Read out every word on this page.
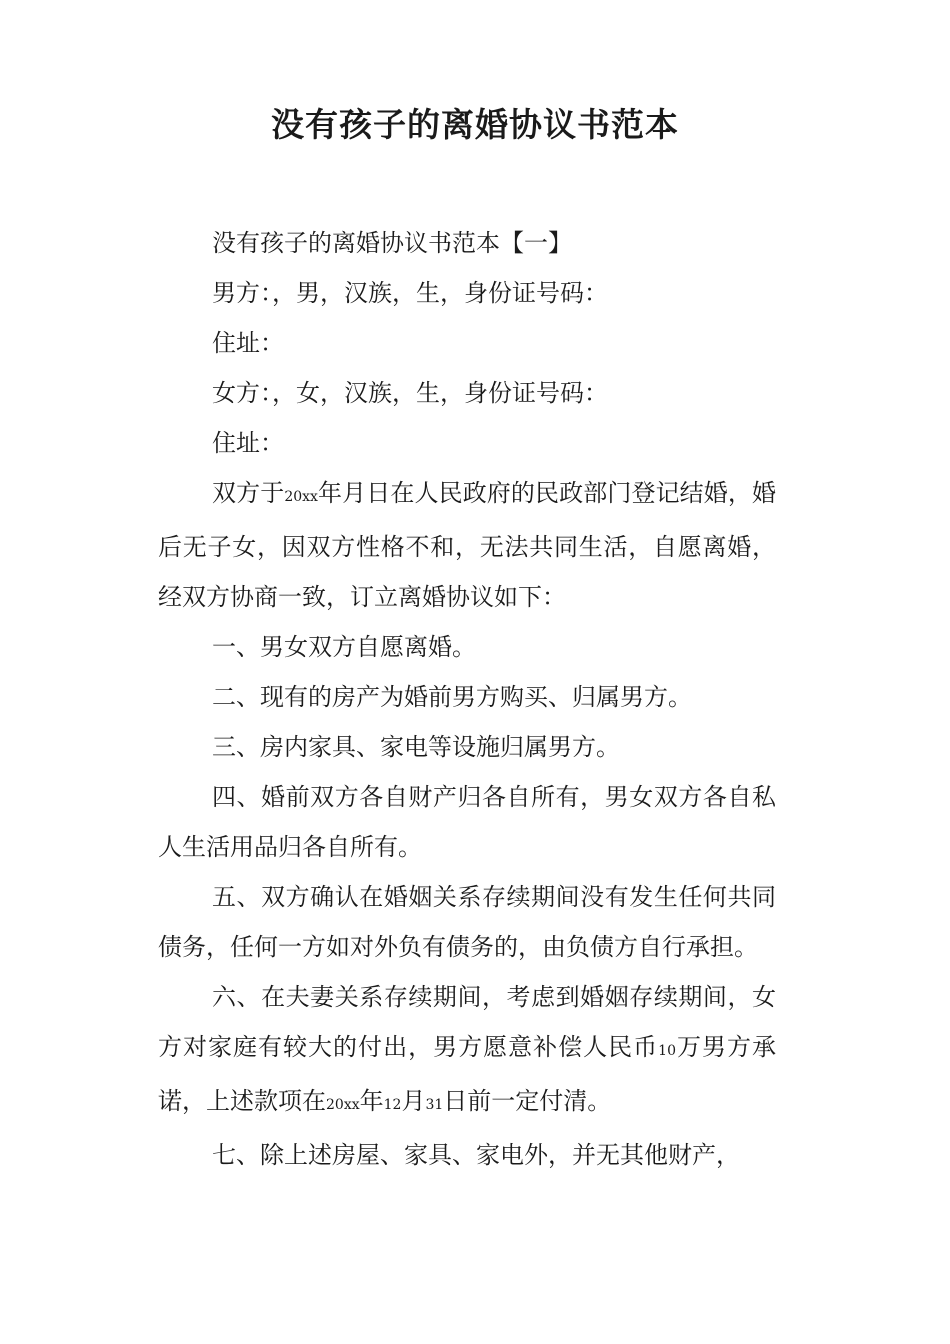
没有孩子的离婚协议书范本

没有孩子的离婚协议书范本【一】

男方：，男，汉族，生，身份证号码：

住址：

女方：，女，汉族，生，身份证号码：

住址：

双方于20xx年月日在人民政府的民政部门登记结婚，婚后无子女，因双方性格不和，无法共同生活，自愿离婚，经双方协商一致，订立离婚协议如下：

一、男女双方自愿离婚。

二、现有的房产为婚前男方购买、归属男方。

三、房内家具、家电等设施归属男方。

四、婚前双方各自财产归各自所有，男女双方各自私人生活用品归各自所有。

五、双方确认在婚姻关系存续期间没有发生任何共同债务，任何一方如对外负有债务的，由负债方自行承担。

六、在夫妻关系存续期间，考虑到婚姻存续期间，女方对家庭有较大的付出，男方愿意补偿人民币10万男方承诺，上述款项在20xx年12月31日前一定付清。

七、除上述房屋、家具、家电外，并无其他财产，
